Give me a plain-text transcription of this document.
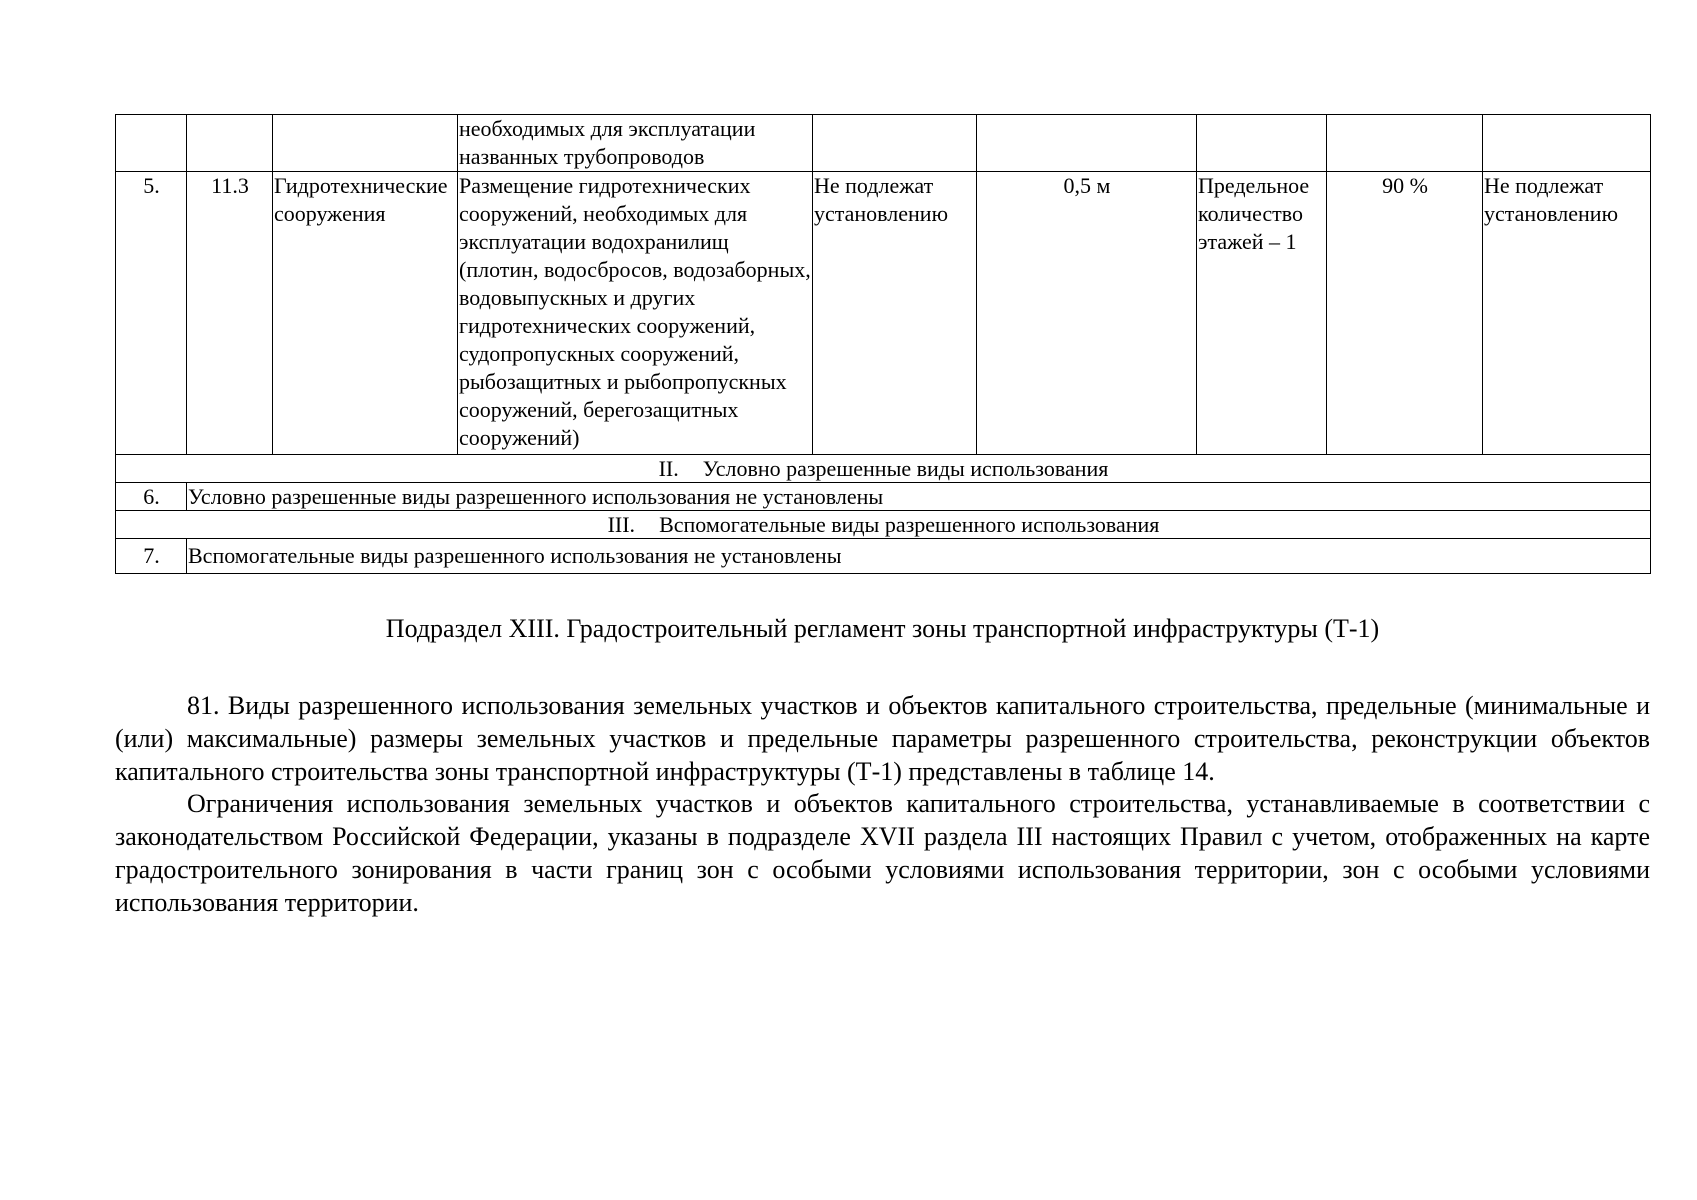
			необходимых для эксплуатации названных трубопроводов					
5.	11.3	Гидротехнические сооружения	Размещение гидротехнических сооружений, необходимых для эксплуатации водохранилищ (плотин, водосбросов, водозаборных, водовыпускных и других гидротехнических сооружений, судопропускных сооружений, рыбозащитных и рыбопропускных сооружений, берегозащитных сооружений)	Не подлежат установлению	0,5 м	Предельное количество этажей – 1	90 %	Не подлежат установлению
II. Условно разрешенные виды использования								
6.	Условно разрешенные виды разрешенного использования не установлены							
III. Вспомогательные виды разрешенного использования								
7.	Вспомогательные виды разрешенного использования не установлены							
Подраздел XIII. Градостроительный регламент зоны транспортной инфраструктуры (Т-1)

81. Виды разрешенного использования земельных участков и объектов капитального строительства, предельные (минимальные и (или) максимальные) размеры земельных участков и предельные параметры разрешенного строительства, реконструкции объектов капитального строительства зоны транспортной инфраструктуры (Т-1) представлены в таблице 14.

Ограничения использования земельных участков и объектов капитального строительства, устанавливаемые в соответствии с законодательством Российской Федерации, указаны в подразделе XVII раздела III настоящих Правил с учетом, отображенных на карте градостроительного зонирования в части границ зон с особыми условиями использования территории, зон с особыми условиями использования территории.
